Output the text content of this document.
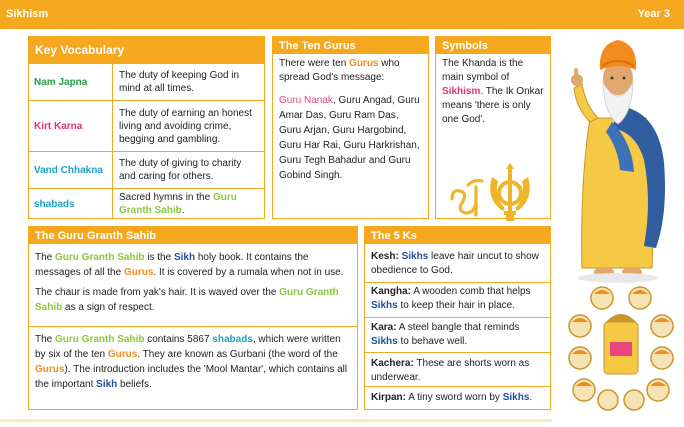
Sikhism	Year 3
Key Vocabulary
Nam Japna
The duty of keeping God in mind at all times.
Kirt Karna
The duty of earning an honest living and avoiding crime, begging and gambling.
Vand Chhakna
The duty of giving to charity and caring for others.
shabads
Sacred hymns in the Guru Granth Sahib.
The Ten Gurus
There were ten Gurus who spread God's message:
Guru Nanak, Guru Angad, Guru Amar Das, Guru Ram Das, Guru Arjan, Guru Hargobind, Guru Har Rai, Guru Harkrishan, Guru Tegh Bahadur and Guru Gobind Singh.
Symbols
The Khanda is the main symbol of Sikhism. The Ik Onkar means 'there is only one God'.
The Guru Granth Sahib
The Guru Granth Sahib is the Sikh holy book. It contains the messages of all the Gurus. It is covered by a rumala when not in use.
The chaur is made from yak's hair. It is waved over the Guru Granth Sahib as a sign of respect.
The Guru Granth Sahib contains 5867 shabads, which were written by six of the ten Gurus. They are known as Gurbani (the word of the Gurus). The introduction includes the 'Mool Mantar', which contains all the important Sikh beliefs.
The 5 Ks
Kesh: Sikhs leave hair uncut to show obedience to God.
Kangha: A wooden comb that helps Sikhs to keep their hair in place.
Kara: A steel bangle that reminds Sikhs to behave well.
Kachera: These are shorts worn as underwear.
Kirpan: A tiny sword worn by Sikhs.
